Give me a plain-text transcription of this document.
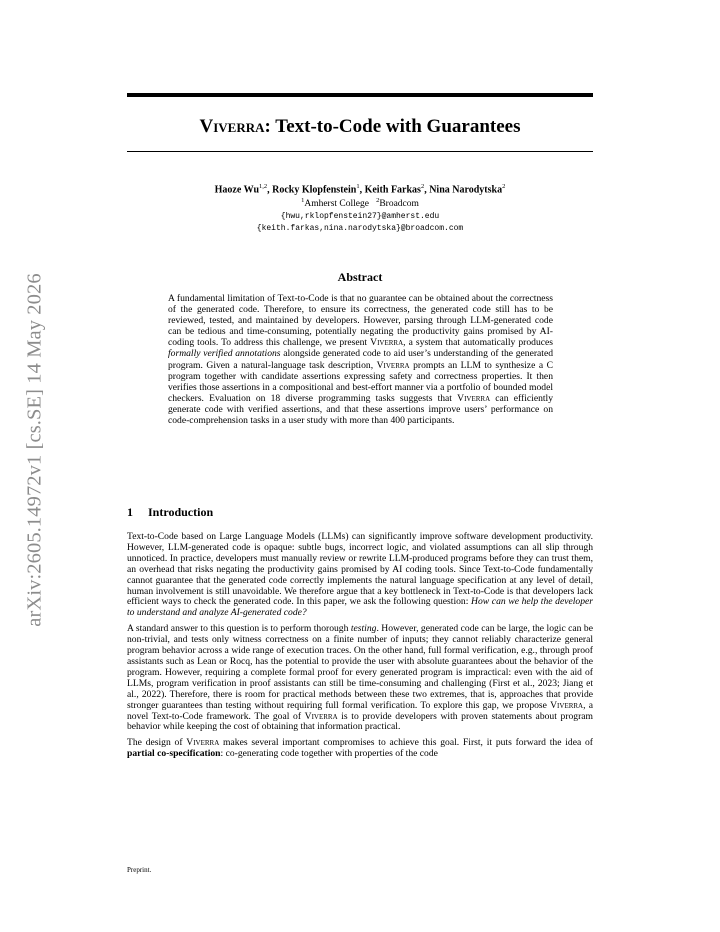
arXiv:2605.14972v1 [cs.SE] 14 May 2026
Viverra: Text-to-Code with Guarantees
Haoze Wu$^{1,2}$, Rocky Klopfenstein$^1$, Keith Farkas$^2$, Nina Narodytska$^2$
$^1$Amherst College $^2$Broadcom
{hwu,rklopfenstein27}@amherst.edu
{keith.farkas,nina.narodytska}@broadcom.com
Abstract
A fundamental limitation of Text-to-Code is that no guarantee can be obtained about the correctness of the generated code. Therefore, to ensure its correctness, the generated code still has to be reviewed, tested, and maintained by developers. However, parsing through LLM-generated code can be tedious and time-consuming, potentially negating the productivity gains promised by AI-coding tools. To address this challenge, we present Viverra, a system that automatically produces formally verified annotations alongside generated code to aid user’s understanding of the generated program. Given a natural-language task description, Viverra prompts an LLM to synthesize a C program together with candidate assertions expressing safety and correctness properties. It then verifies those assertions in a compositional and best-effort manner via a portfolio of bounded model checkers. Evaluation on 18 diverse programming tasks suggests that Viverra can efficiently generate code with verified assertions, and that these assertions improve users’ performance on code-comprehension tasks in a user study with more than 400 participants.
1 Introduction

Text-to-Code based on Large Language Models (LLMs) can significantly improve software development productivity. However, LLM-generated code is opaque: subtle bugs, incorrect logic, and violated assumptions can all slip through unnoticed. In practice, developers must manually review or rewrite LLM-produced programs before they can trust them, an overhead that risks negating the productivity gains promised by AI coding tools. Since Text-to-Code fundamentally cannot guarantee that the generated code correctly implements the natural language specification at any level of detail, human involvement is still unavoidable. We therefore argue that a key bottleneck in Text-to-Code is that developers lack efficient ways to check the generated code. In this paper, we ask the following question: How can we help the developer to understand and analyze AI-generated code?

A standard answer to this question is to perform thorough testing. However, generated code can be large, the logic can be non-trivial, and tests only witness correctness on a finite number of inputs; they cannot reliably characterize general program behavior across a wide range of execution traces. On the other hand, full formal verification, e.g., through proof assistants such as Lean or Rocq, has the potential to provide the user with absolute guarantees about the behavior of the program. However, requiring a complete formal proof for every generated program is impractical: even with the aid of LLMs, program verification in proof assistants can still be time-consuming and challenging (First et al., 2023; Jiang et al., 2022). Therefore, there is room for practical methods between these two extremes, that is, approaches that provide stronger guarantees than testing without requiring full formal verification. To explore this gap, we propose Viverra, a novel Text-to-Code framework. The goal of Viverra is to provide developers with proven statements about program behavior while keeping the cost of obtaining that information practical.

The design of Viverra makes several important compromises to achieve this goal. First, it puts forward the idea of partial co-specification: co-generating code together with properties of the code

Preprint.
